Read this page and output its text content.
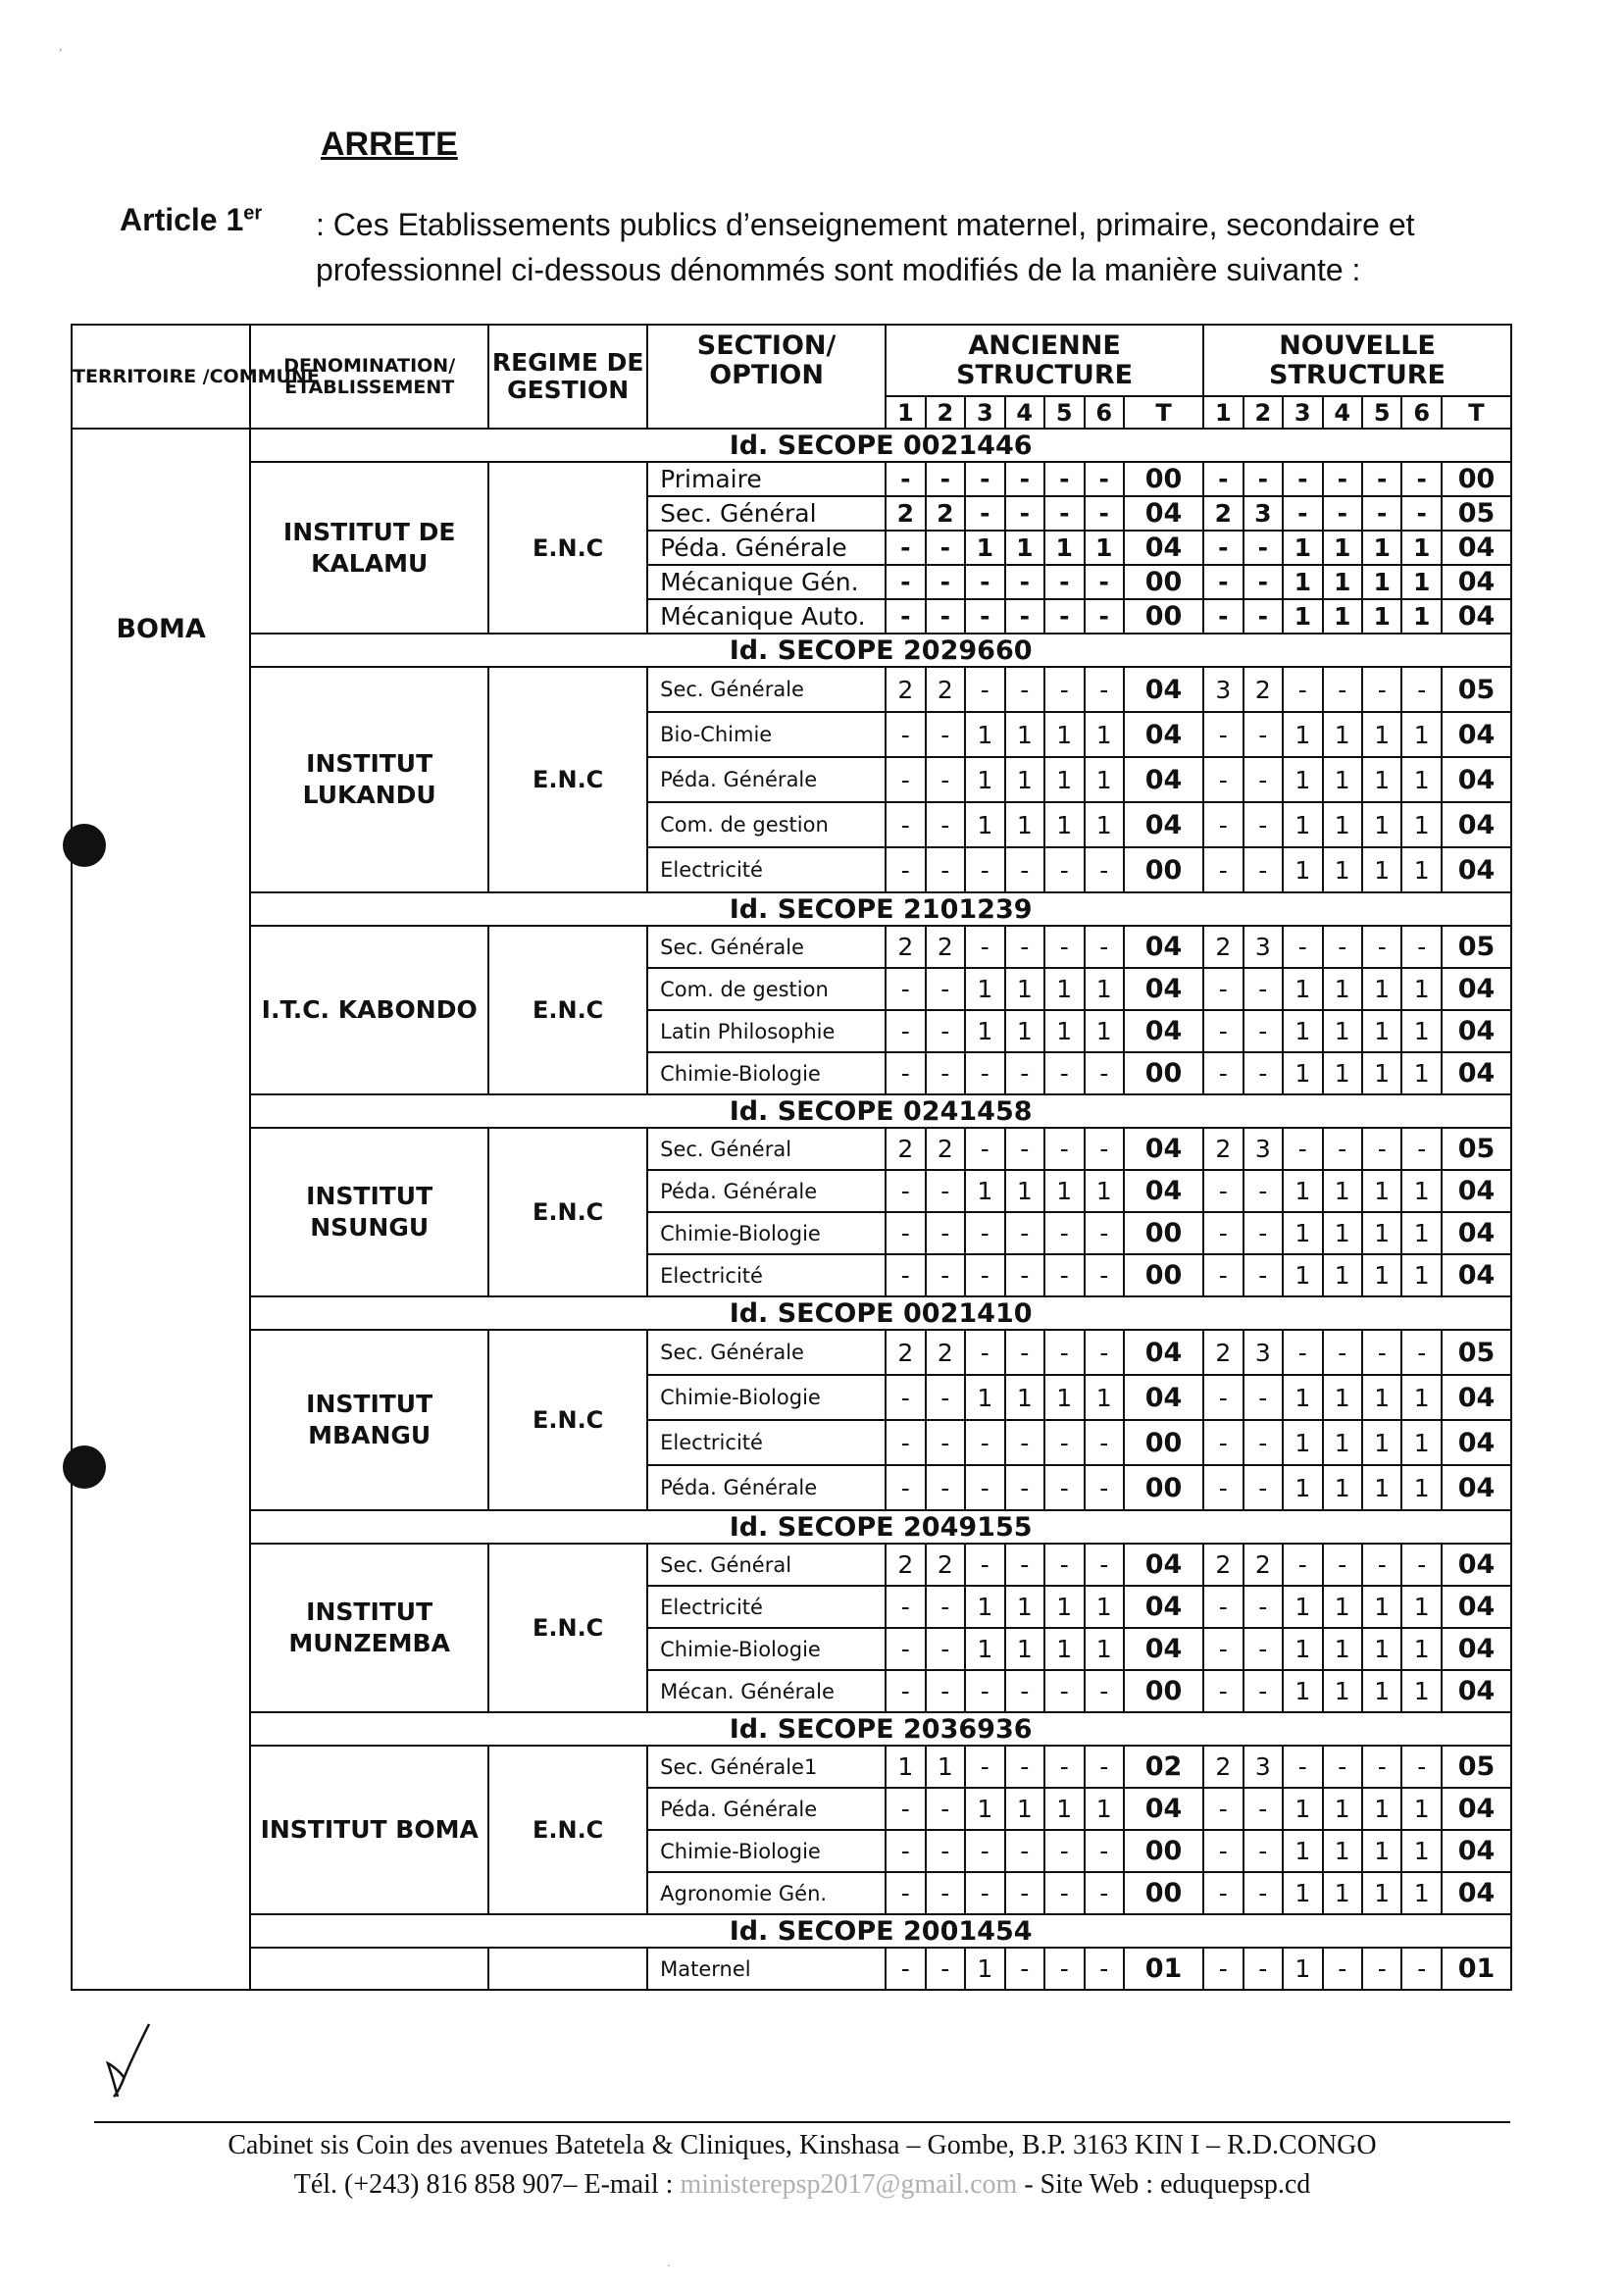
,
ARRETE
Article 1er : Ces Etablissements publics d’enseignement maternel, primaire, secondaire et professionnel ci-dessous dénommés sont modifiés de la manière suivante :
TERRITOIRE /COMMUNE	DENOMINATION/ ETABLISSEMENT	REGIME DE GESTION	SECTION/ OPTION	ANCIENNE STRUCTURE							NOUVELLE STRUCTURE						
				1	2	3	4	5	6	T	1	2	3	4	5	6	T
BOMA	Id. SECOPE 0021446																
	INSTITUT DE KALAMU	E.N.C	Primaire	-	-	-	-	-	-	00	-	-	-	-	-	-	00
			Sec. Général	2	2	-	-	-	-	04	2	3	-	-	-	-	05
			Péda. Générale	-	-	1	1	1	1	04	-	-	1	1	1	1	04
			Mécanique Gén.	-	-	-	-	-	-	00	-	-	1	1	1	1	04
			Mécanique Auto.	-	-	-	-	-	-	00	-	-	1	1	1	1	04
	Id. SECOPE 2029660																
	INSTITUT LUKANDU	E.N.C	Sec. Générale	2	2	-	-	-	-	04	3	2	-	-	-	-	05
			Bio-Chimie	-	-	1	1	1	1	04	-	-	1	1	1	1	04
			Péda. Générale	-	-	1	1	1	1	04	-	-	1	1	1	1	04
			Com. de gestion	-	-	1	1	1	1	04	-	-	1	1	1	1	04
			Electricité	-	-	-	-	-	-	00	-	-	1	1	1	1	04
	Id. SECOPE 2101239																
	I.T.C. KABONDO	E.N.C	Sec. Générale	2	2	-	-	-	-	04	2	3	-	-	-	-	05
			Com. de gestion	-	-	1	1	1	1	04	-	-	1	1	1	1	04
			Latin Philosophie	-	-	1	1	1	1	04	-	-	1	1	1	1	04
			Chimie-Biologie	-	-	-	-	-	-	00	-	-	1	1	1	1	04
	Id. SECOPE 0241458																
	INSTITUT NSUNGU	E.N.C	Sec. Général	2	2	-	-	-	-	04	2	3	-	-	-	-	05
			Péda. Générale	-	-	1	1	1	1	04	-	-	1	1	1	1	04
			Chimie-Biologie	-	-	-	-	-	-	00	-	-	1	1	1	1	04
			Electricité	-	-	-	-	-	-	00	-	-	1	1	1	1	04
	Id. SECOPE 0021410																
	INSTITUT MBANGU	E.N.C	Sec. Générale	2	2	-	-	-	-	04	2	3	-	-	-	-	05
			Chimie-Biologie	-	-	1	1	1	1	04	-	-	1	1	1	1	04
			Electricité	-	-	-	-	-	-	00	-	-	1	1	1	1	04
			Péda. Générale	-	-	-	-	-	-	00	-	-	1	1	1	1	04
	Id. SECOPE 2049155																
	INSTITUT MUNZEMBA	E.N.C	Sec. Général	2	2	-	-	-	-	04	2	2	-	-	-	-	04
			Electricité	-	-	1	1	1	1	04	-	-	1	1	1	1	04
			Chimie-Biologie	-	-	1	1	1	1	04	-	-	1	1	1	1	04
			Mécan. Générale	-	-	-	-	-	-	00	-	-	1	1	1	1	04
	Id. SECOPE 2036936																
	INSTITUT BOMA	E.N.C	Sec. Générale1	1	1	-	-	-	-	02	2	3	-	-	-	-	05
			Péda. Générale	-	-	1	1	1	1	04	-	-	1	1	1	1	04
			Chimie-Biologie	-	-	-	-	-	-	00	-	-	1	1	1	1	04
			Agronomie Gén.	-	-	-	-	-	-	00	-	-	1	1	1	1	04
	Id. SECOPE 2001454																
			Maternel	-	-	1	-	-	-	01	-	-	1	-	-	-	01
Cabinet sis Coin des avenues Batetela & Cliniques, Kinshasa – Gombe, B.P. 3163 KIN I – R.D.CONGO
Tél. (+243) 816 858 907– E-mail : ministerepsp2017@gmail.com - Site Web : eduquepsp.cd
.
